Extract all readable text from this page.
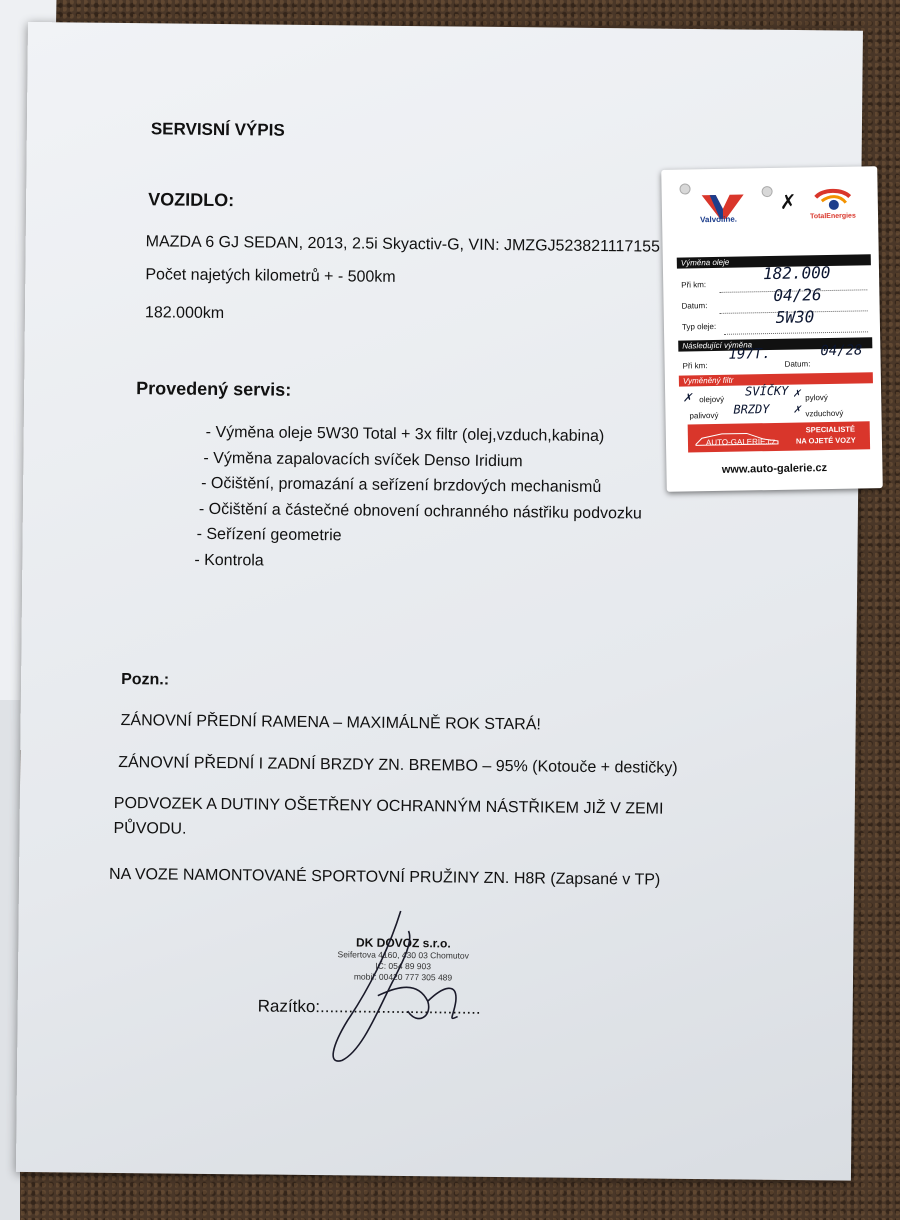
SERVISNÍ VÝPIS
VOZIDLO:
MAZDA 6 GJ SEDAN, 2013, 2.5i Skyactiv-G, VIN: JMZGJ523821117155
Počet najetých kilometrů + - 500km
182.000km
Provedený servis:
- Výměna oleje 5W30 Total + 3x filtr (olej,vzduch,kabina)
- Výměna zapalovacích svíček Denso Iridium
- Očištění, promazání a seřízení brzdových mechanismů
- Očištění a částečné obnovení ochranného nástřiku podvozku
- Seřízení geometrie
- Kontrola
Pozn.:
ZÁNOVNÍ PŘEDNÍ RAMENA – MAXIMÁLNĚ ROK STARÁ!
ZÁNOVNÍ PŘEDNÍ I ZADNÍ BRZDY ZN. BREMBO – 95% (Kotouče + destičky)
PODVOZEK A DUTINY OŠETŘENY OCHRANNÝM NÁSTŘIKEM JIŽ V ZEMI
PŮVODU.
NA VOZE NAMONTOVANÉ SPORTOVNÍ PRUŽINY ZN. H8R (Zapsané v TP)
DK DOVOZ s.r.o.
Seifertova 4160, 430 03 Chomutov
IČ: 054 89 903
mobil: 00420 777 305 489
Razítko:..................................
Valvoline.
✗
TotalEnergies
Výměna oleje
Při km:
182.000
Datum:
04/26
Typ oleje:	5W30
Následující výměna
Při km:
197T.
Datum:
04/28
Vyměněný filtr
✗ olejový
SVÍČKY ✗ pylový
palivový BRZDY ✗ vzduchový
AUTO-GALERIE.cz
SPECIALISTÉ
NA OJETÉ VOZY
www.auto-galerie.cz
